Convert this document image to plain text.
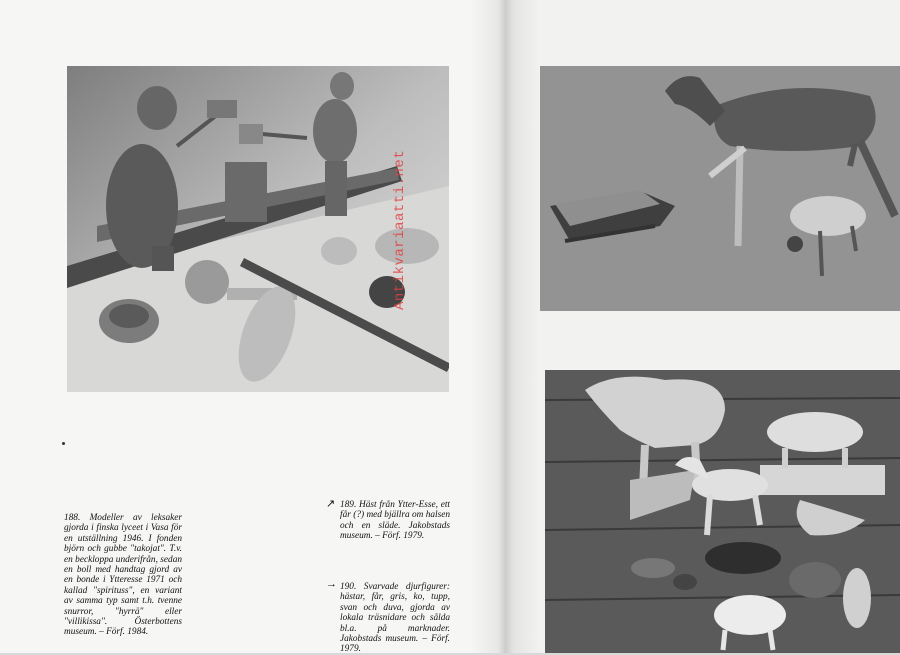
188. Modeller av leksaker gjorda i finska lyceet i Vasa för en utställning 1946. I fonden björn och gubbe "takojat". T.v. en beckloppa underifrån, sedan en boll med handtag gjord av en bonde i Ytteresse 1971 och kallad "spirituss", en variant av samma typ samt t.h. tvenne snurror, "hyrrä" eller "villikissa". Österbottens museum. – Förf. 1984.

↗ 189. Häst från Ytter-Esse, ett får (?) med bjällra om halsen och en släde. Jakobstads museum. – Förf. 1979.

→ 190. Svarvade djurfigurer: hästar, får, gris, ko, tupp, svan och duva, gjorda av lokala träsnidare och sålda bl.a. på marknader. Jakobstads museum. – Förf. 1979.

Antikvariaatti.net
